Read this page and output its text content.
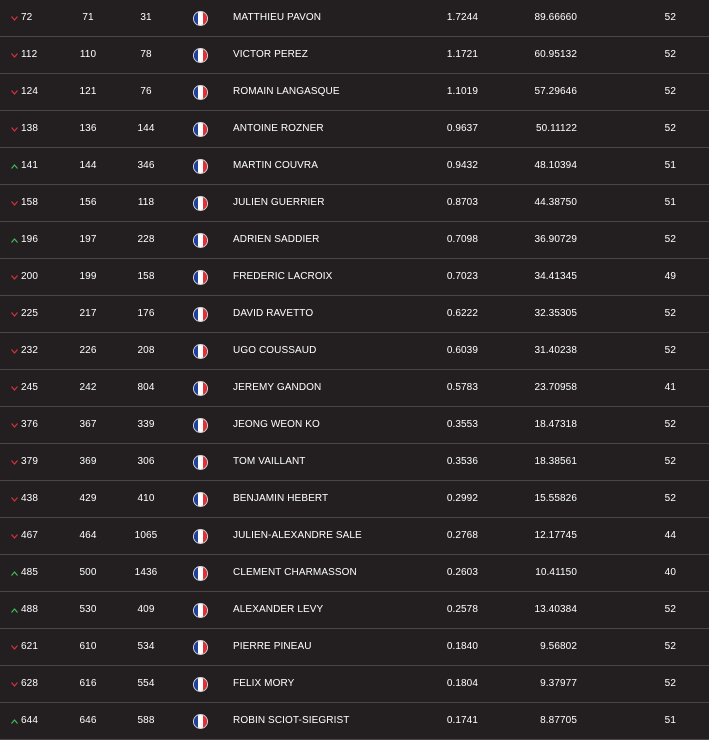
72	71	31	MATTHIEU PAVON	1.7244	89.66660	52
112	110	78	VICTOR PEREZ	1.1721	60.95132	52
124	121	76	ROMAIN LANGASQUE	1.1019	57.29646	52
138	136	144	ANTOINE ROZNER	0.9637	50.11122	52
141	144	346	MARTIN COUVRA	0.9432	48.10394	51
158	156	118	JULIEN GUERRIER	0.8703	44.38750	51
196	197	228	ADRIEN SADDIER	0.7098	36.90729	52
200	199	158	FREDERIC LACROIX	0.7023	34.41345	49
225	217	176	DAVID RAVETTO	0.6222	32.35305	52
232	226	208	UGO COUSSAUD	0.6039	31.40238	52
245	242	804	JEREMY GANDON	0.5783	23.70958	41
376	367	339	JEONG WEON KO	0.3553	18.47318	52
379	369	306	TOM VAILLANT	0.3536	18.38561	52
438	429	410	BENJAMIN HEBERT	0.2992	15.55826	52
467	464	1065	JULIEN-ALEXANDRE SALE	0.2768	12.17745	44
485	500	1436	CLEMENT CHARMASSON	0.2603	10.41150	40
488	530	409	ALEXANDER LEVY	0.2578	13.40384	52
621	610	534	PIERRE PINEAU	0.1840	9.56802	52
628	616	554	FELIX MORY	0.1804	9.37977	52
644	646	588	ROBIN SCIOT-SIEGRIST	0.1741	8.87705	51
